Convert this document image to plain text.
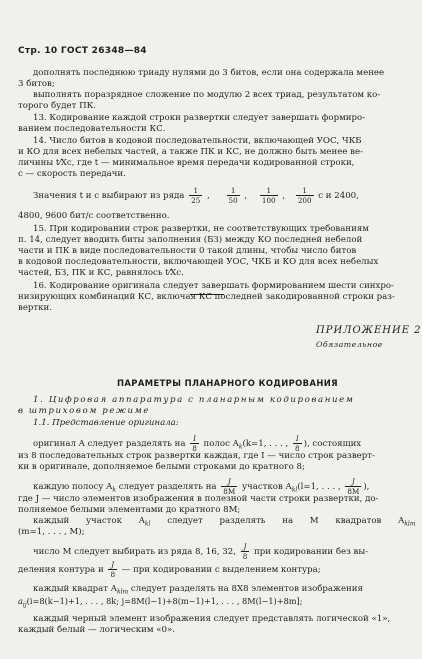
Стр. 10 ГОСТ 26348—84
дополнять последнюю триаду нулями до 3 битов, если она содержала менее
3 битов;
выполнять поразрядное сложение по модулю 2 всех триад, результатом ко-
торого будет ПК.
13. Кодирование каждой строки развертки следует завершать формиро-
ванием последовательности КС.
14. Число битов в кодовой последовательности, включающей УОС, ЧКБ
и КО для всех небелых частей, а также ПК и КС, не должно быть менее ве-
личины t⁄Xc, где t — минимальное время передачи кодированной строки,
c — скорость передачи.
Значения t и c выбирают из ряда $\frac{1}{25}$ , $\frac{1}{50}$ , $\frac{1}{100}$ , $\frac{1}{200}$ c и 2400,
4800, 9600 бит/с соответственно.
15. При кодировании строк развертки, не соответствующих требованиям
п. 14, следует вводить биты заполнения (БЗ) между КО последней небелой
части и ПК в виде последовательности 0 такой длины, чтобы число битов
в кодовой последовательности, включающей УОС, ЧКБ и КО для всех небелых
частей, БЗ, ПК и КС, равнялось t⁄Xc.
16. Кодирование оригинала следует завершать формированием шести синхро-
низирующих комбинаций КС, включая КС последней закодированной строки раз-
вертки.
ПРИЛОЖЕНИЕ 2
Обязательное
ПАРАМЕТРЫ ПЛАНАРНОГО КОДИРОВАНИЯ
1. Цифровая аппаратура с планарным кодированием
в штриховом режиме
1.1. Представление оригинала:
оригинал A следует разделять на $\frac{I}{8}$ полос $A_k(k=1$, . . . , $\frac{I}{8}$ ), состоящих
из 8 последовательных строк развертки каждая, где I — число строк разверт-
ки в оригинале, дополняемое белыми строками до кратного 8;
каждую полосу $A_k$ следует разделять на $\frac{J}{8M}$ участков $A_{kl}(l=1$, . . . , $\frac{J}{8M}$ ),
где J — число элементов изображения в полезной части строки развертки, до-
полняемое белыми элементами до кратного 8M;
каждый участок $A_{kl}$ следует разделять на M квадратов $A_{klm}$
(m=1, . . . , M);
число M следует выбирать из ряда 8, 16, 32, $\frac{J}{8}$ при кодировании без вы-
деления контура и $\frac{J}{8}$ — при кодировании с выделением контура;
каждый квадрат $A_{klm}$ следует разделять на 8X8 элементов изображения
$a_{ij}(i=8(k-1)+1$, . . . , 8k; j=8M(l−1)+8(m−1)+1, . . . , 8M(l−1)+8m];
каждый черный элемент изображения следует представлять логической «1»,
каждый белый — логическим «0».
